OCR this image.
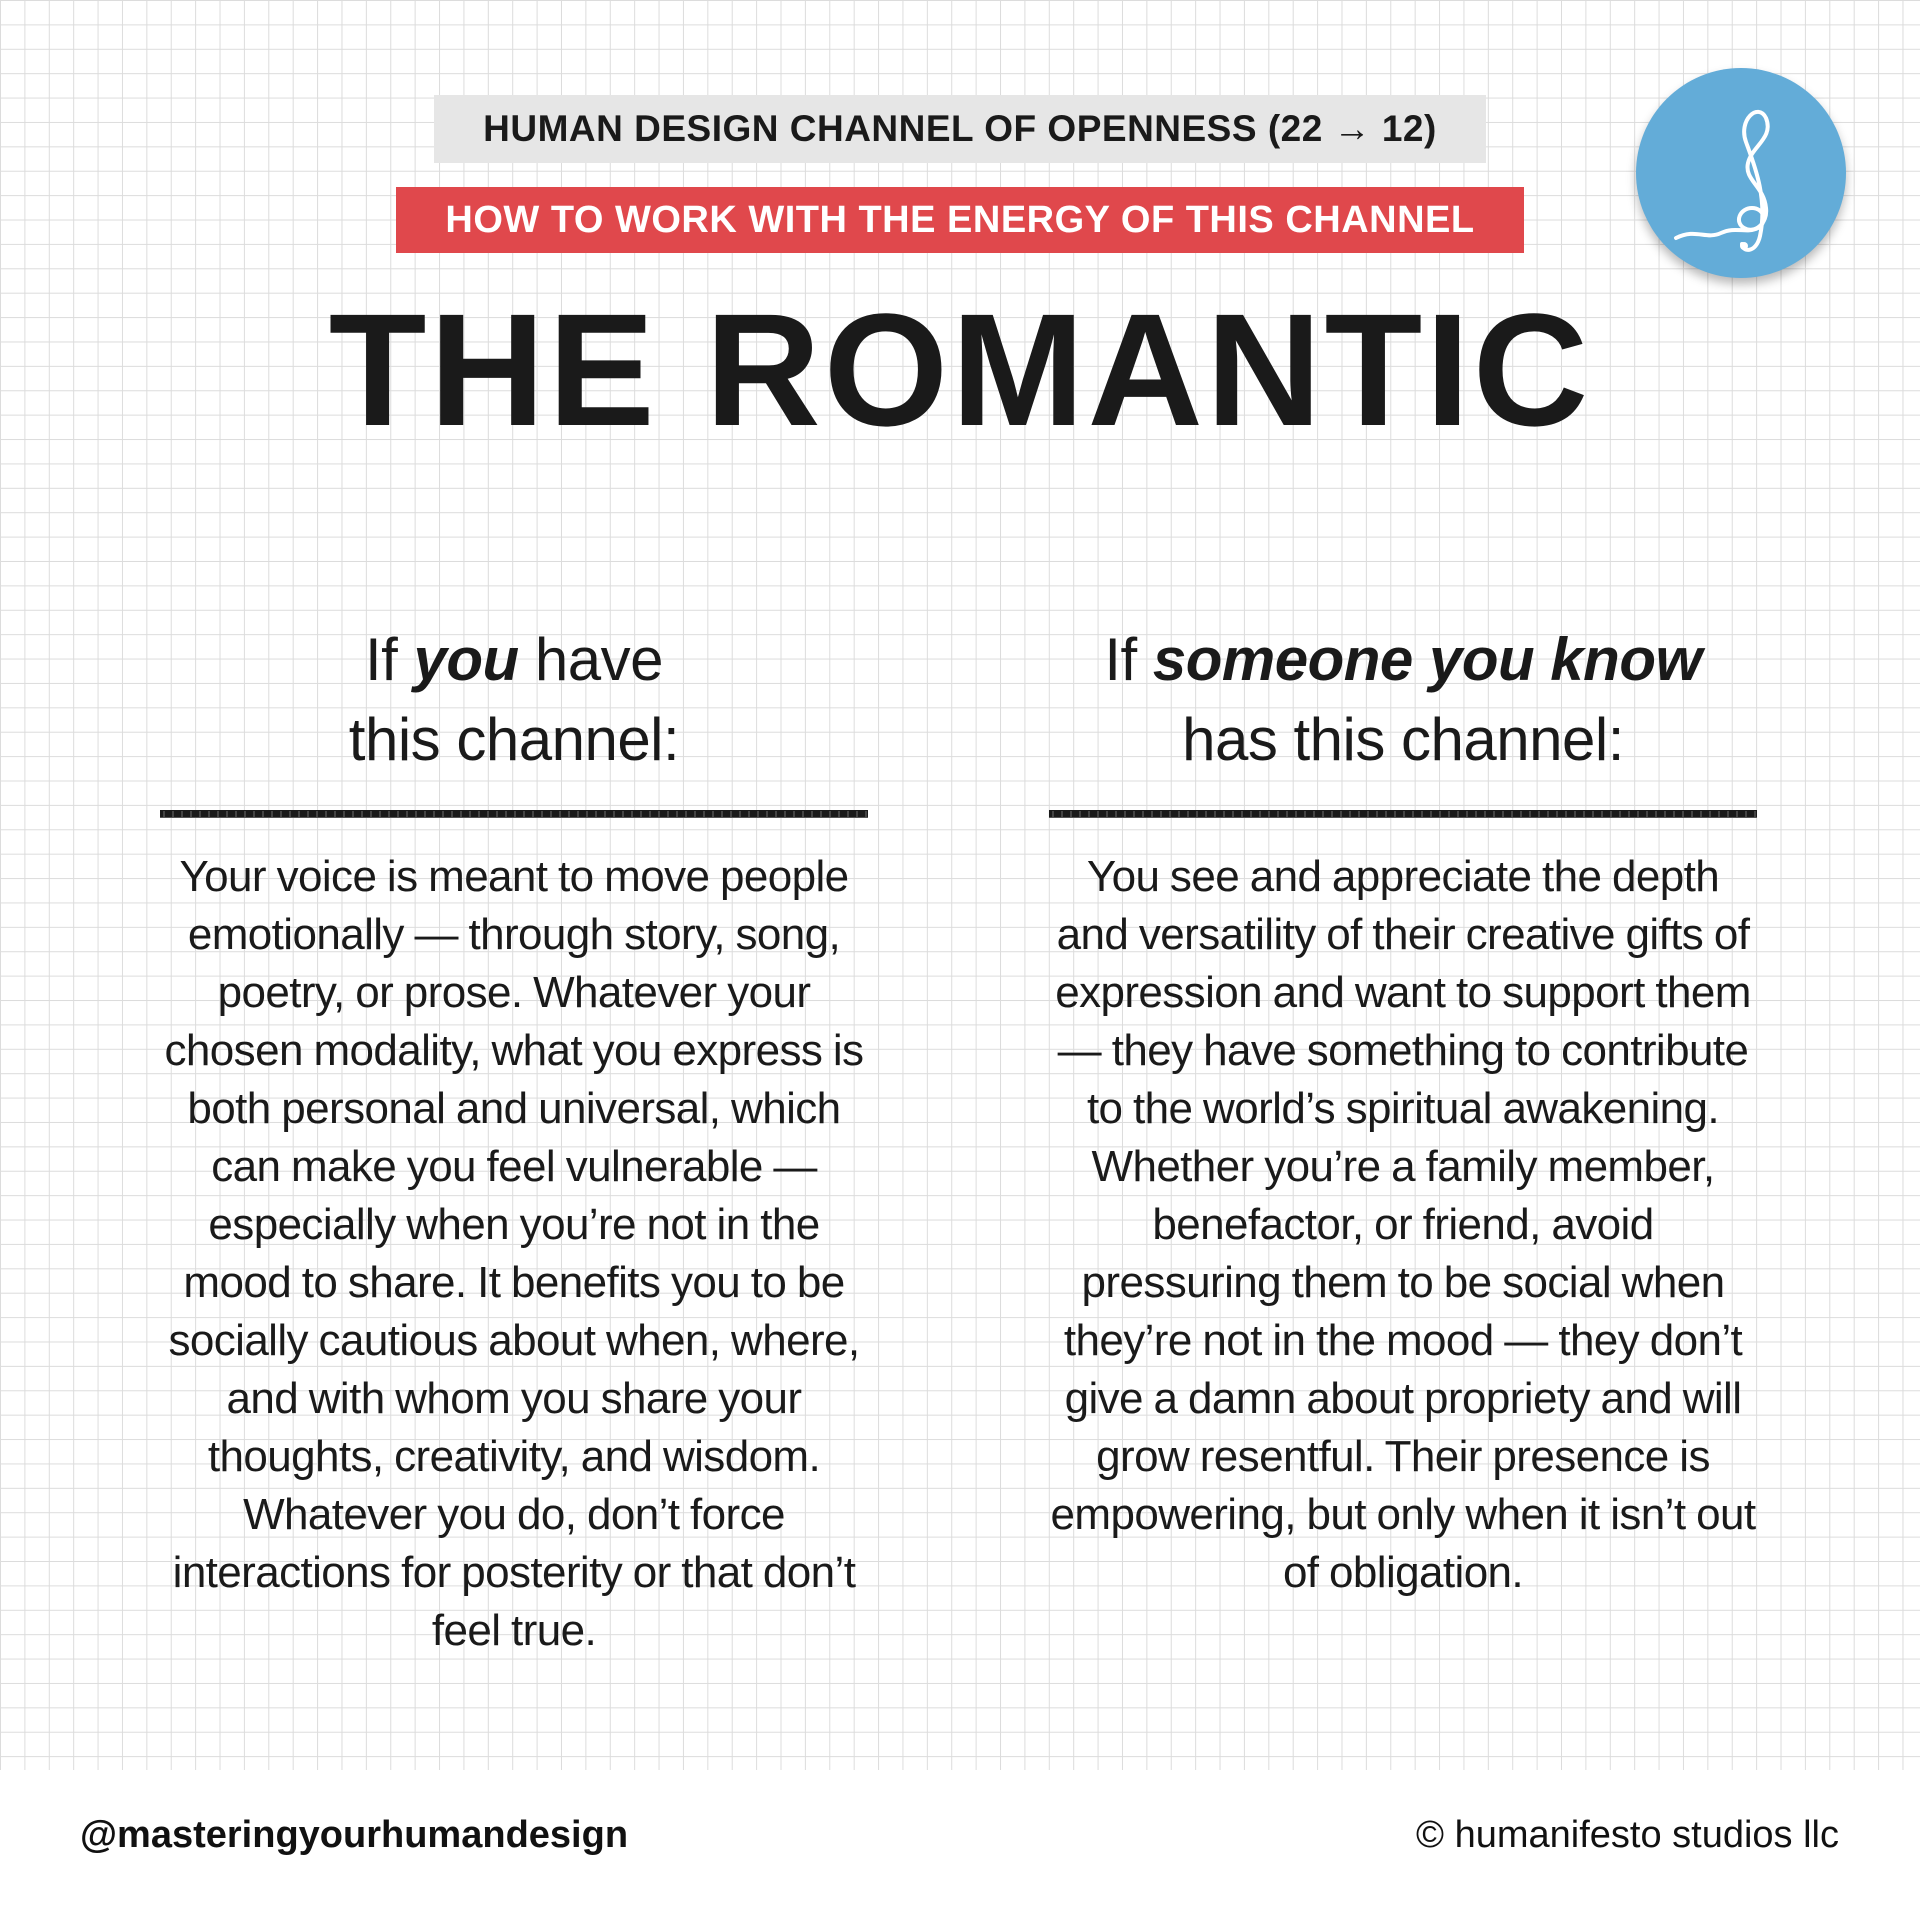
HUMAN DESIGN CHANNEL OF OPENNESS (22 → 12)
HOW TO WORK WITH THE ENERGY OF THIS CHANNEL
THE ROMANTIC
If you have
this channel:

Your voice is meant to move people emotionally — through story, song, poetry, or prose. Whatever your chosen modality, what you express is both personal and universal, which can make you feel vulnerable — especially when you’re not in the mood to share. It benefits you to be socially cautious about when, where, and with whom you share your thoughts, creativity, and wisdom. Whatever you do, don’t force interactions for posterity or that don’t feel true.

If someone you know
has this channel:

You see and appreciate the depth and versatility of their creative gifts of expression and want to support them — they have something to contribute to the world’s spiritual awakening. Whether you’re a family member, benefactor, or friend, avoid pressuring them to be social when they’re not in the mood — they don’t give a damn about propriety and will grow resentful. Their presence is empowering, but only when it isn’t out of obligation.

@masteringyourhumandesign	© humanifesto studios llc
